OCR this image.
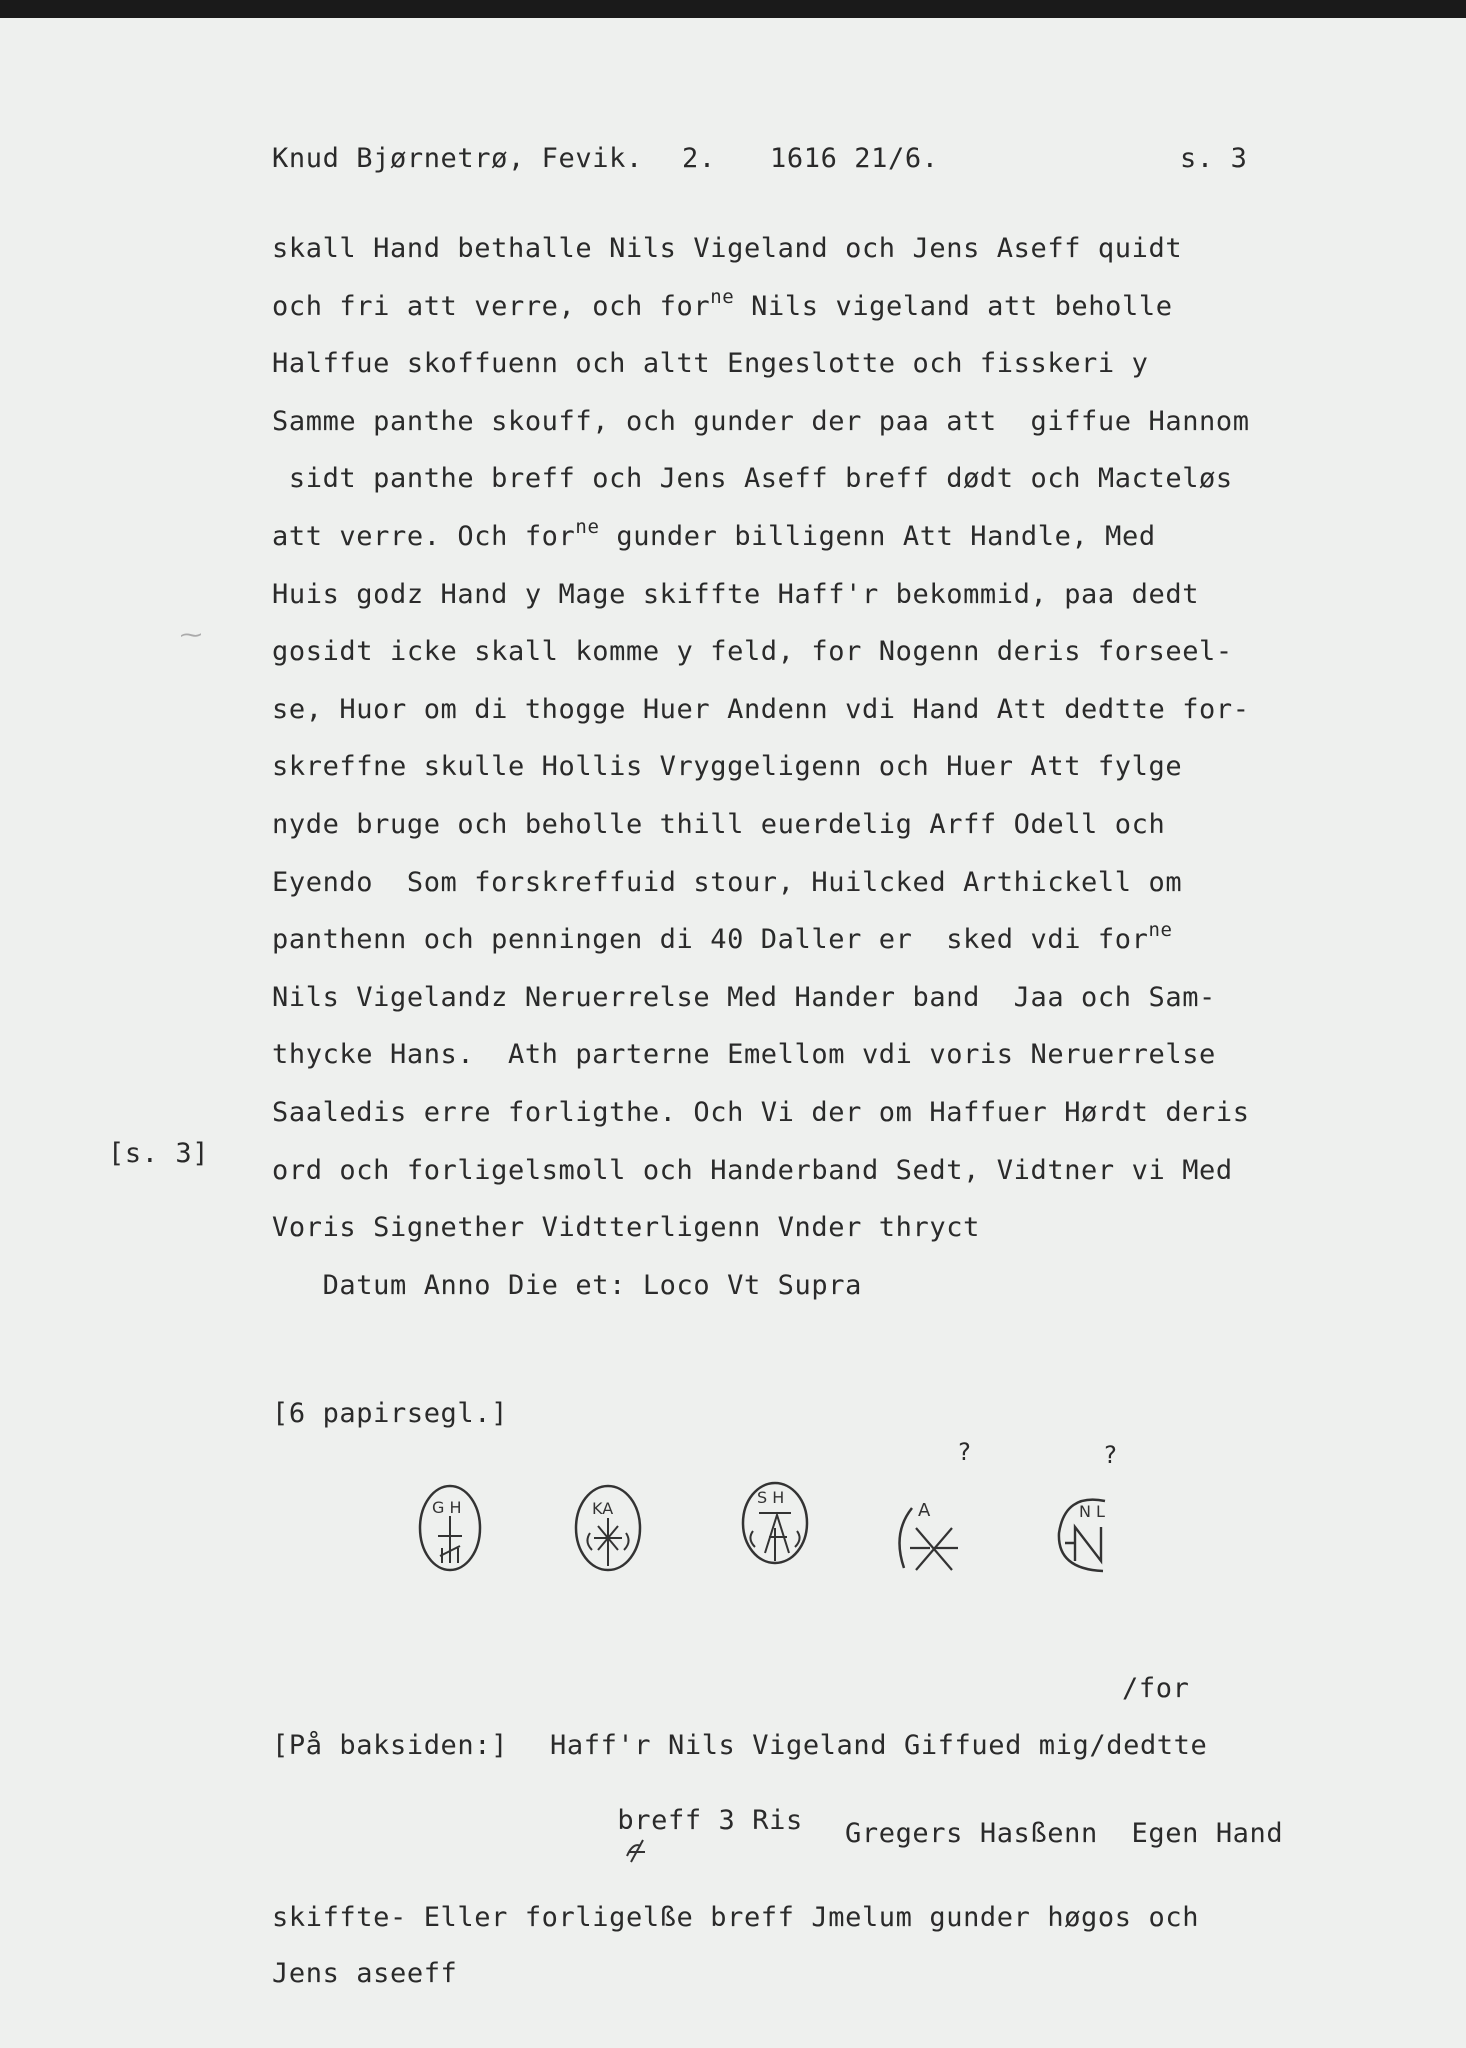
Knud Bjørnetrø, Fevik. 2. 1616 21/6.	s. 3
skall Hand bethalle Nils Vigeland och Jens Aseff quidt
och fri att verre, och for$^{ne}$ Nils vigeland att beholle
Halffue skoffuenn och altt Engeslotte och fisskeri y
Samme panthe skouff, och gunder der paa att  giffue Hannom
sidt panthe breff och Jens Aseff breff dødt och Macteløs
att verre. Och for$^{ne}$ gunder billigenn Att Handle, Med
Huis godz Hand y Mage skiffte Haff'r bekommid, paa dedt
gosidt icke skall komme y feld, for Nogenn deris forseel-
se, Huor om di thogge Huer Andenn vdi Hand Att dedtte for-
skreffne skulle Hollis Vryggeligenn och Huer Att fylge
nyde bruge och beholle thill euerdelig Arff Odell och
Eyendo  Som forskreffuid stour, Huilcked Arthickell om
panthenn och penningen di 40 Daller er  sked vdi for$^{ne}$
Nils Vigelandz Neruerrelse Med Hander band  Jaa och Sam-
thycke Hans.  Ath parterne Emellom vdi voris Neruerrelse
Saaledis erre forligthe. Och Vi der om Haffuer Hørdt deris
ord och forligelsmoll och Handerband Sedt, Vidtner vi Med
Voris Signether Vidtterligenn Vnder thryct
Datum Anno Die et: Loco Vt Supra
[s. 3]
[6 papirsegl.]
G H	KA
S H
A
?
N L
?
/for
[På baksiden:] Haff'r Nils Vigeland Giffued mig/dedtte

breff 3 Ris

Gregers Hasßenn  Egen Hand
skiffte- Eller forligelße breff Jmelum gunder høgos och
Jens aseeff
⁓
